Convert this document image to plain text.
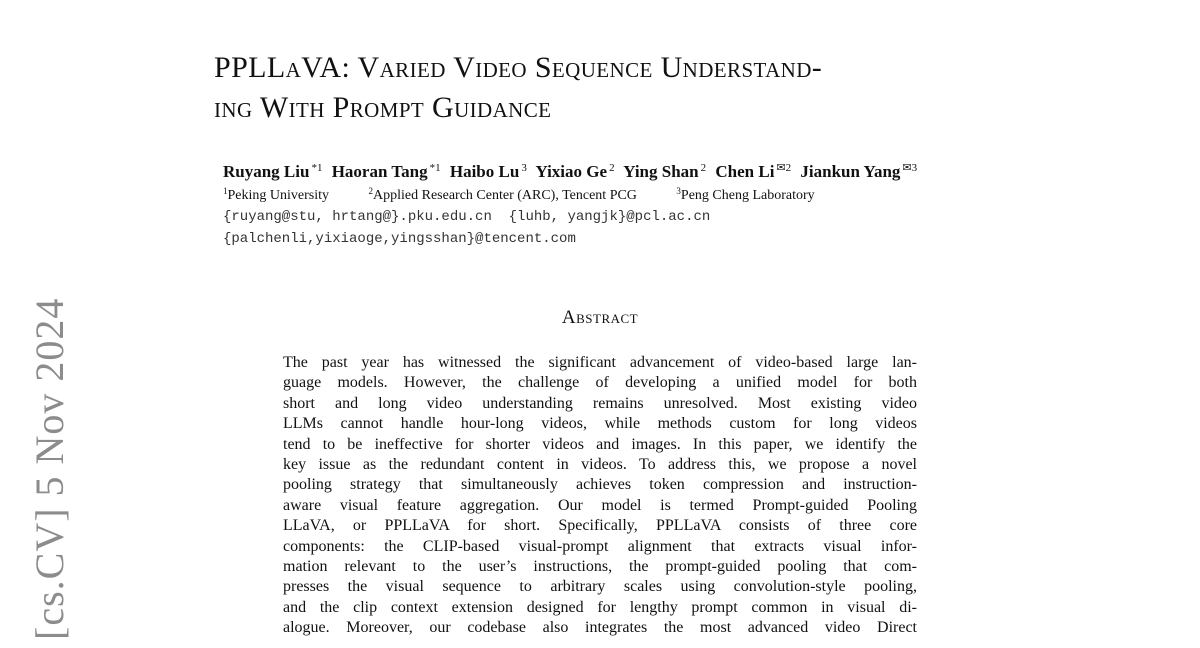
[cs.CV] 5 Nov 2024
PPLLaVA: Varied Video Sequence Understand-
ing With Prompt Guidance
Ruyang Liu $^{*1}$ Haoran Tang $^{*1}$ Haibo Lu $^3$ Yixiao Ge $^2$ Ying Shan $^2$ Chen Li $^{✉2}$ Jiankun Yang $^{✉3}$
$^1$Peking University	$^2$Applied Research Center (ARC), Tencent PCG	$^3$Peng Cheng Laboratory
{ruyang@stu, hrtang@}.pku.edu.cn  {luhb, yangjk}@pcl.ac.cn
{palchenli,yixiaoge,yingsshan}@tencent.com
Abstract
The past year has witnessed the significant advancement of video-based large lan-
guage models. However, the challenge of developing a unified model for both
short and long video understanding remains unresolved. Most existing video
LLMs cannot handle hour-long videos, while methods custom for long videos
tend to be ineffective for shorter videos and images. In this paper, we identify the
key issue as the redundant content in videos. To address this, we propose a novel
pooling strategy that simultaneously achieves token compression and instruction-
aware visual feature aggregation. Our model is termed Prompt-guided Pooling
LLaVA, or PPLLaVA for short. Specifically, PPLLaVA consists of three core
components: the CLIP-based visual-prompt alignment that extracts visual infor-
mation relevant to the user’s instructions, the prompt-guided pooling that com-
presses the visual sequence to arbitrary scales using convolution-style pooling,
and the clip context extension designed for lengthy prompt common in visual di-
alogue. Moreover, our codebase also integrates the most advanced video Direct
